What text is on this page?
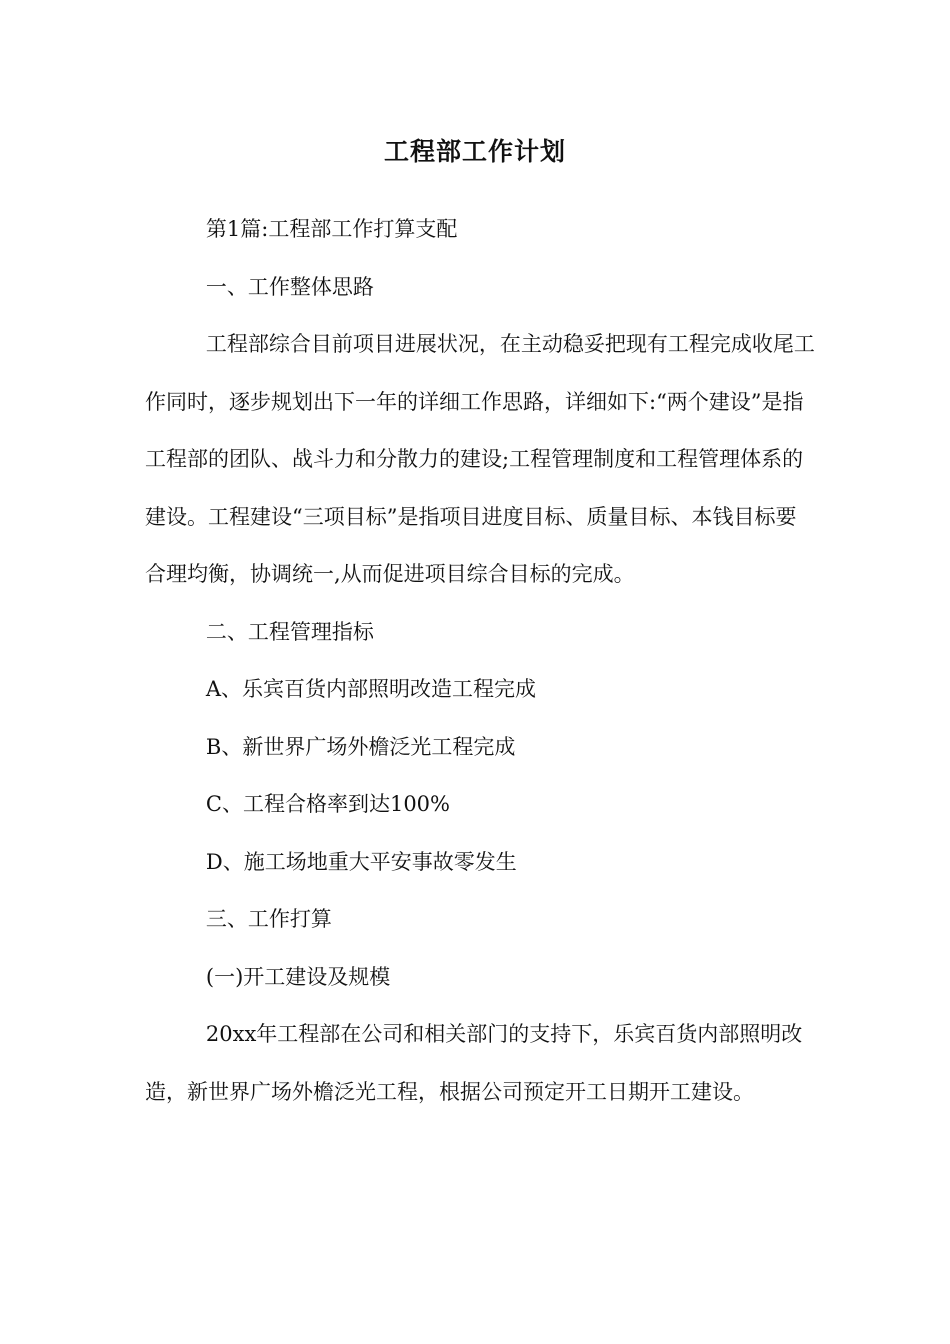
工程部工作计划

第1篇:工程部工作打算支配

一、工作整体思路

工程部综合目前项目进展状况，在主动稳妥把现有工程完成收尾工作同时，逐步规划出下一年的详细工作思路，详细如下:“两个建设”是指工程部的团队、战斗力和分散力的建设;工程管理制度和工程管理体系的建设。工程建设“三项目标”是指项目进度目标、质量目标、本钱目标要合理均衡，协调统一,从而促进项目综合目标的完成。

二、工程管理指标

A、乐宾百货内部照明改造工程完成

B、新世界广场外檐泛光工程完成

C、工程合格率到达100%

D、施工场地重大平安事故零发生

三、工作打算

(一)开工建设及规模

20xx年工程部在公司和相关部门的支持下，乐宾百货内部照明改造，新世界广场外檐泛光工程，根据公司预定开工日期开工建设。
